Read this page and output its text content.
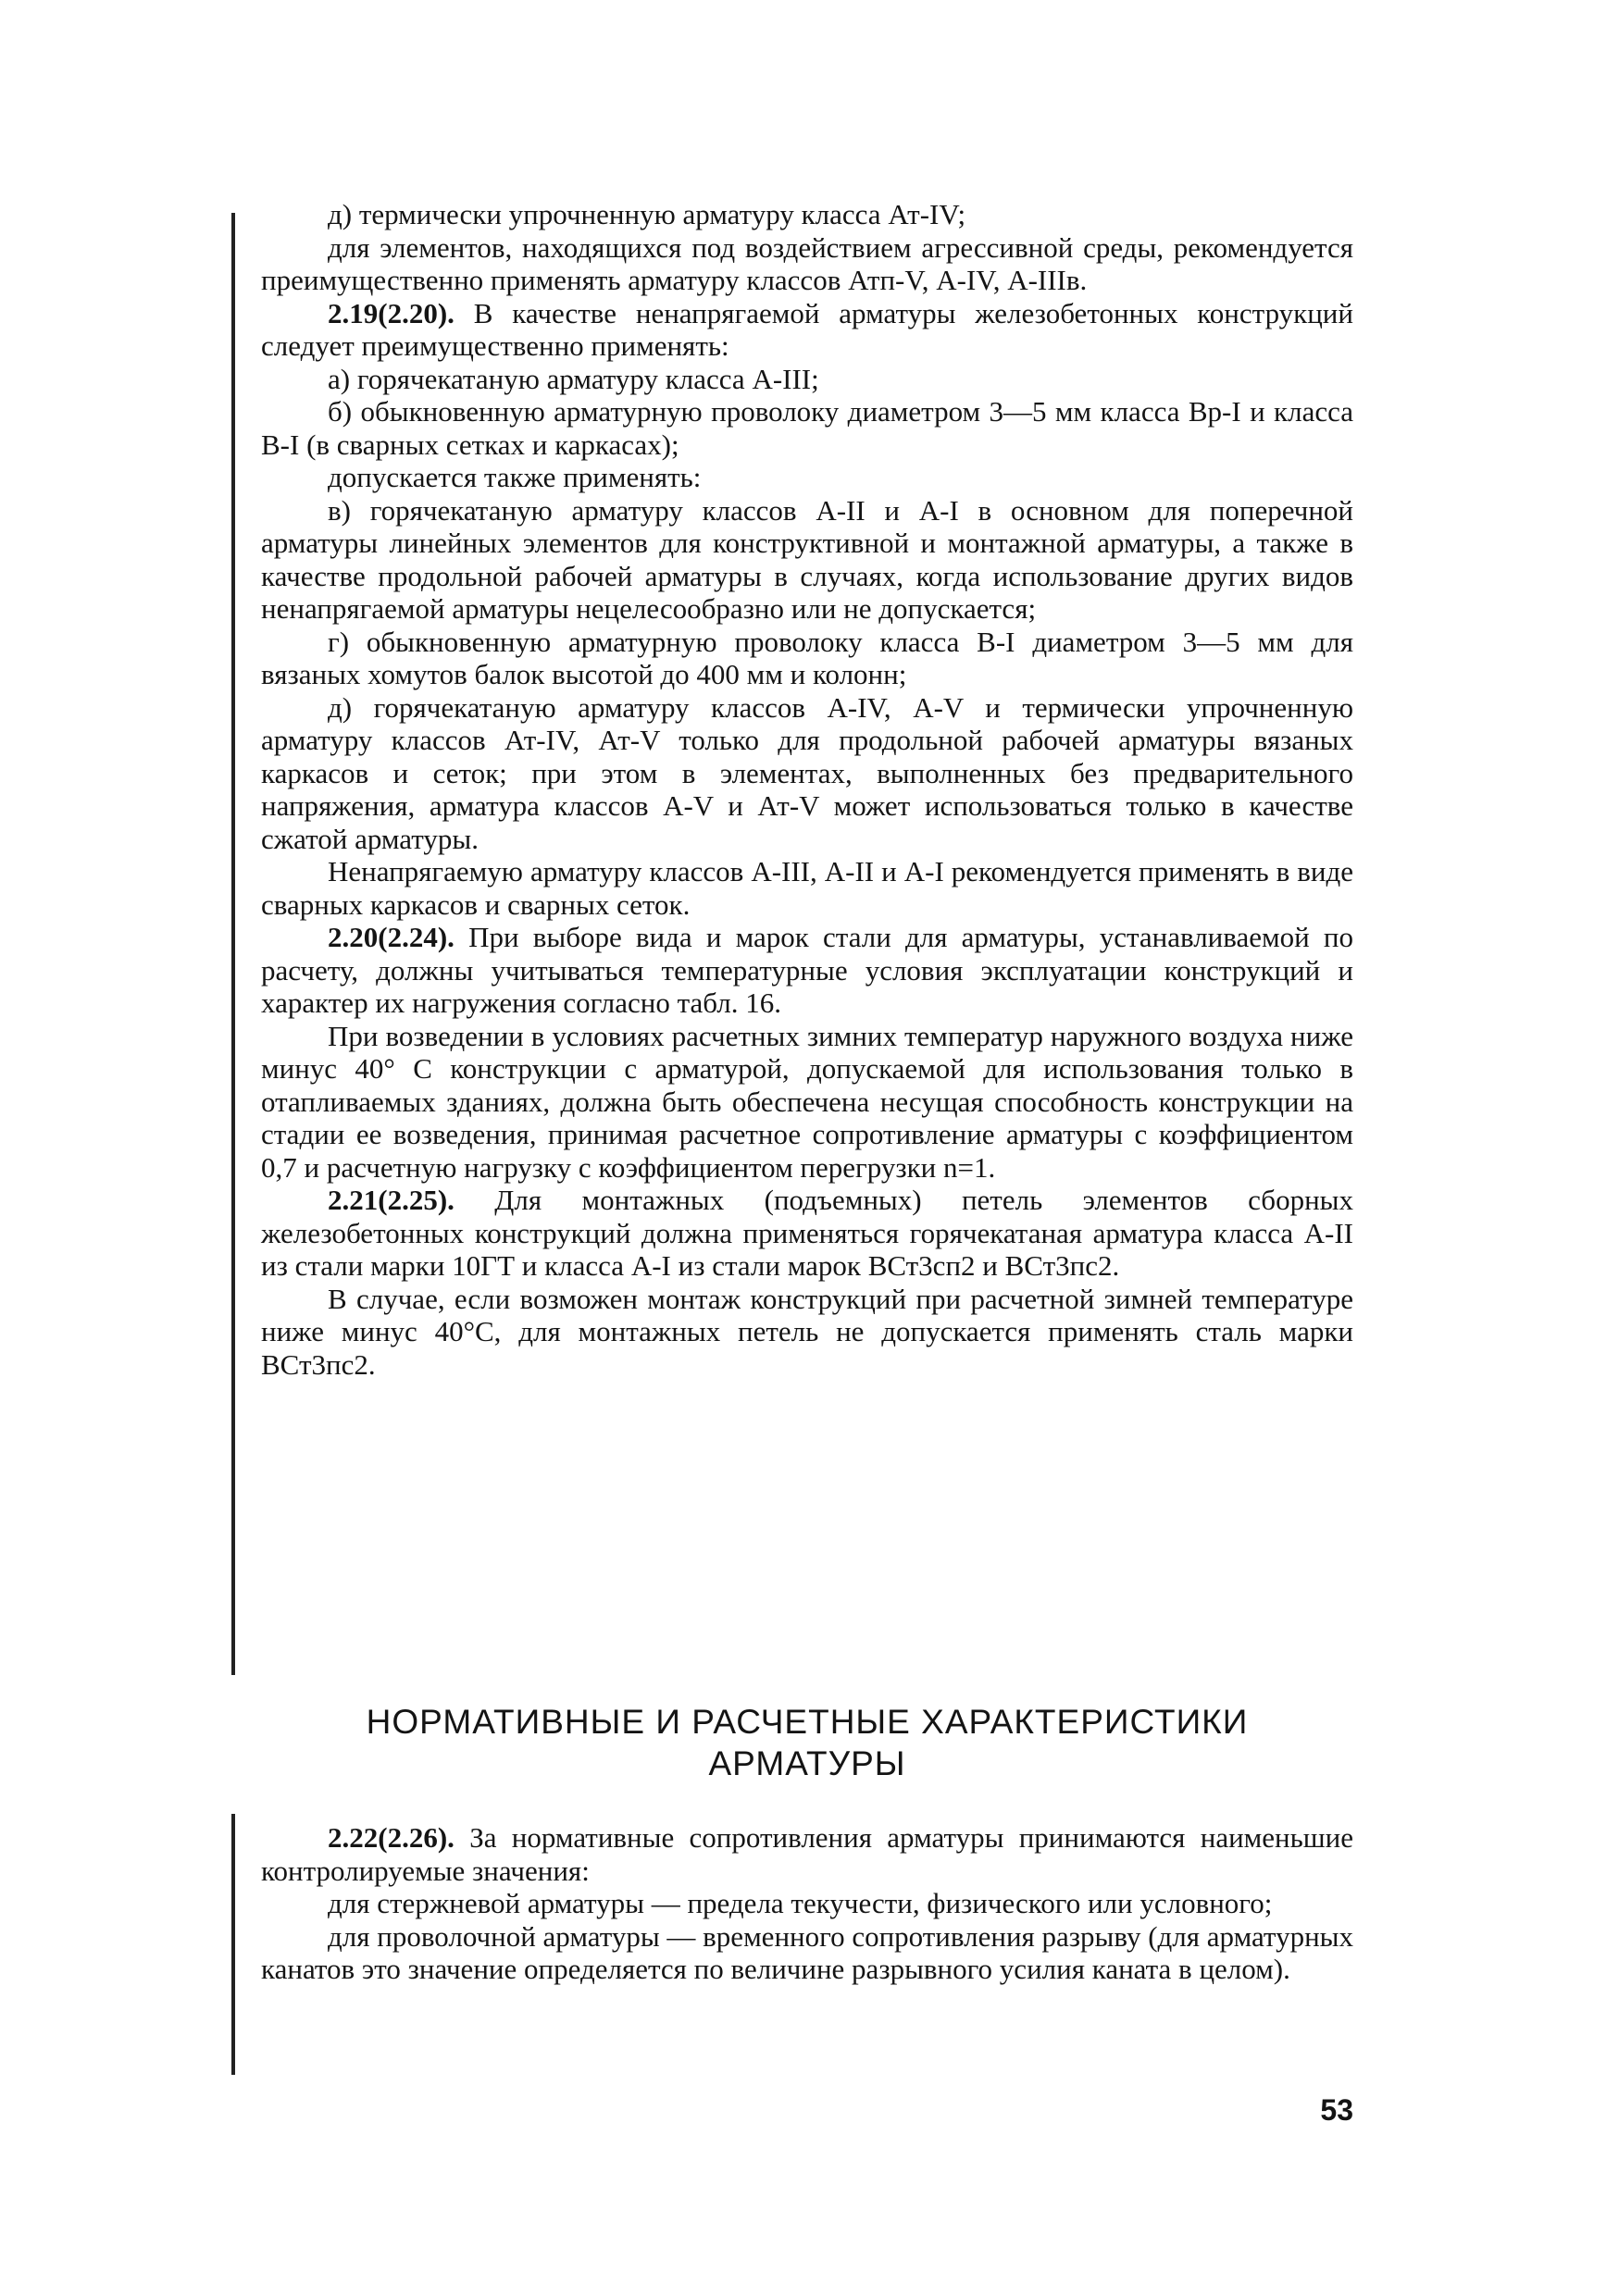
д) термически упрочненную арматуру класса Ат-IV;

для элементов, находящихся под воздействием агрессивной среды, рекомендуется преимущественно применять арматуру классов Атп-V, А-IV, А-IIIв.

2.19(2.20). В качестве ненапрягаемой арматуры железобетонных конструкций следует преимущественно применять:

а) горячекатаную арматуру класса А-III;

б) обыкновенную арматурную проволоку диаметром 3—5 мм класса Вр-I и класса В-I (в сварных сетках и каркасах);

допускается также применять:

в) горячекатаную арматуру классов А-II и А-I в основном для поперечной арматуры линейных элементов для конструктивной и монтажной арматуры, а также в качестве продольной рабочей арматуры в случаях, когда использование других видов ненапрягаемой арматуры нецелесообразно или не допускается;

г) обыкновенную арматурную проволоку класса В-I диаметром 3—5 мм для вязаных хомутов балок высотой до 400 мм и колонн;

д) горячекатаную арматуру классов А-IV, А-V и термически упрочненную арматуру классов Ат-IV, Ат-V только для продольной рабочей арматуры вязаных каркасов и сеток; при этом в элементах, выполненных без предварительного напряжения, арматура классов А-V и Ат-V может использоваться только в качестве сжатой арматуры.

Ненапрягаемую арматуру классов А-III, А-II и А-I рекомендуется применять в виде сварных каркасов и сварных сеток.

2.20(2.24). При выборе вида и марок стали для арматуры, устанавливаемой по расчету, должны учитываться температурные условия эксплуатации конструкций и характер их нагружения согласно табл. 16.

При возведении в условиях расчетных зимних температур наружного воздуха ниже минус 40° С конструкции с арматурой, допускаемой для использования только в отапливаемых зданиях, должна быть обеспечена несущая способность конструкции на стадии ее возведения, принимая расчетное сопротивление арматуры с коэффициентом 0,7 и расчетную нагрузку с коэффициентом перегрузки n=1.

2.21(2.25). Для монтажных (подъемных) петель элементов сборных железобетонных конструкций должна применяться горячекатаная арматура класса А-II из стали марки 10ГТ и класса А-I из стали марок ВСт3сп2 и ВСт3пс2.

В случае, если возможен монтаж конструкций при расчетной зимней температуре ниже минус 40°С, для монтажных петель не допускается применять сталь марки ВСт3пс2.

НОРМАТИВНЫЕ И РАСЧЕТНЫЕ ХАРАКТЕРИСТИКИ
АРМАТУРЫ

2.22(2.26). За нормативные сопротивления арматуры принимаются наименьшие контролируемые значения:

для стержневой арматуры — предела текучести, физического или условного;

для проволочной арматуры — временного сопротивления разрыву (для арматурных канатов это значение определяется по величине разрывного усилия каната в целом).

53
